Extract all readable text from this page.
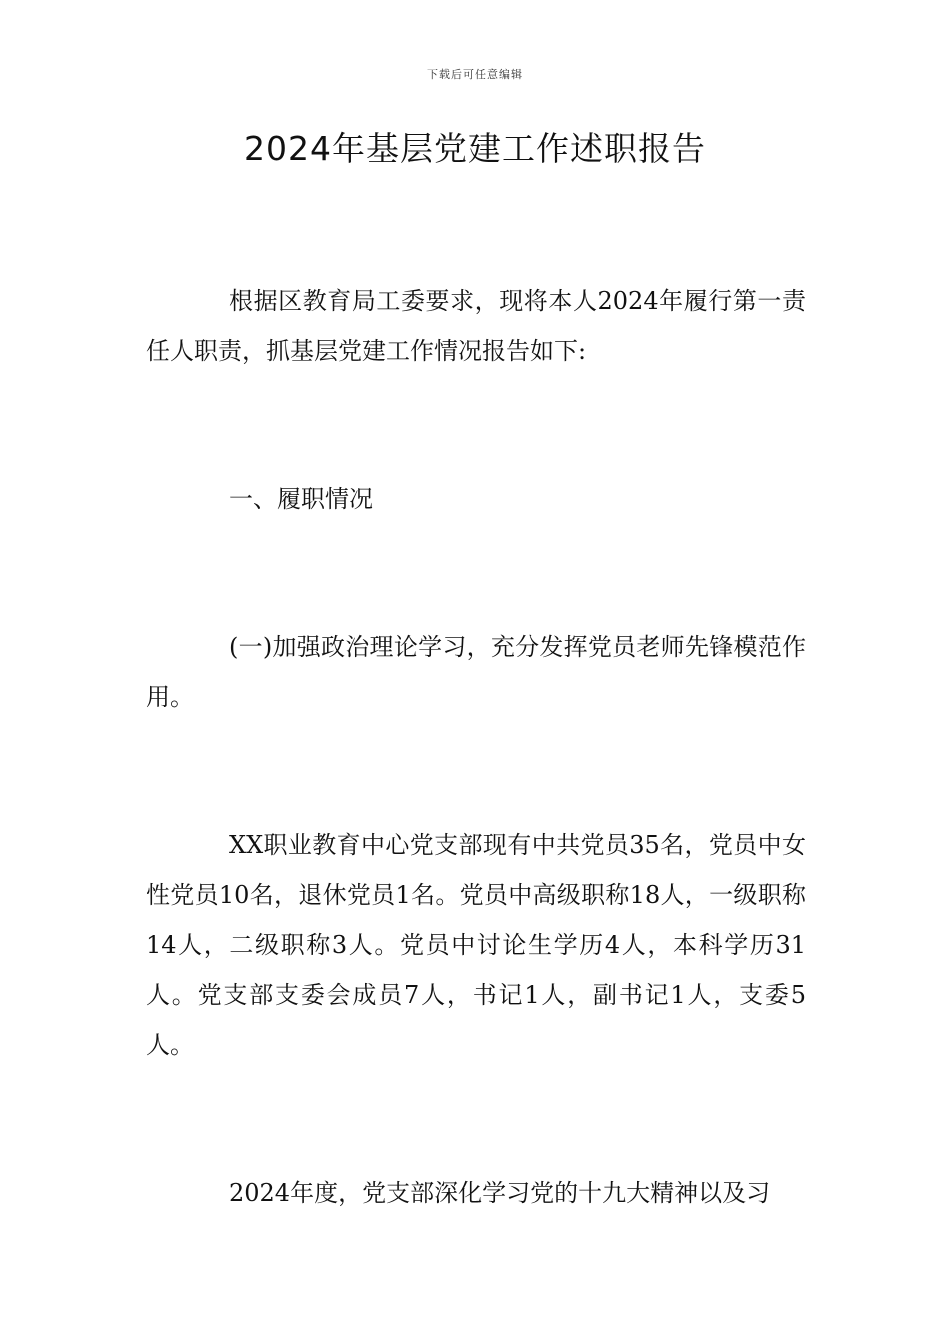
下载后可任意编辑
2024年基层党建工作述职报告

根据区教育局工委要求，现将本人2024年履行第一责任人职责，抓基层党建工作情况报告如下:

一、履职情况

(一)加强政治理论学习，充分发挥党员老师先锋模范作用。

XX职业教育中心党支部现有中共党员35名，党员中女性党员10名，退休党员1名。党员中高级职称18人，一级职称14人，二级职称3人。党员中讨论生学历4人，本科学历31人。党支部支委会成员7人，书记1人，副书记1人，支委5人。

2024年度，党支部深化学习党的十九大精神以及习
